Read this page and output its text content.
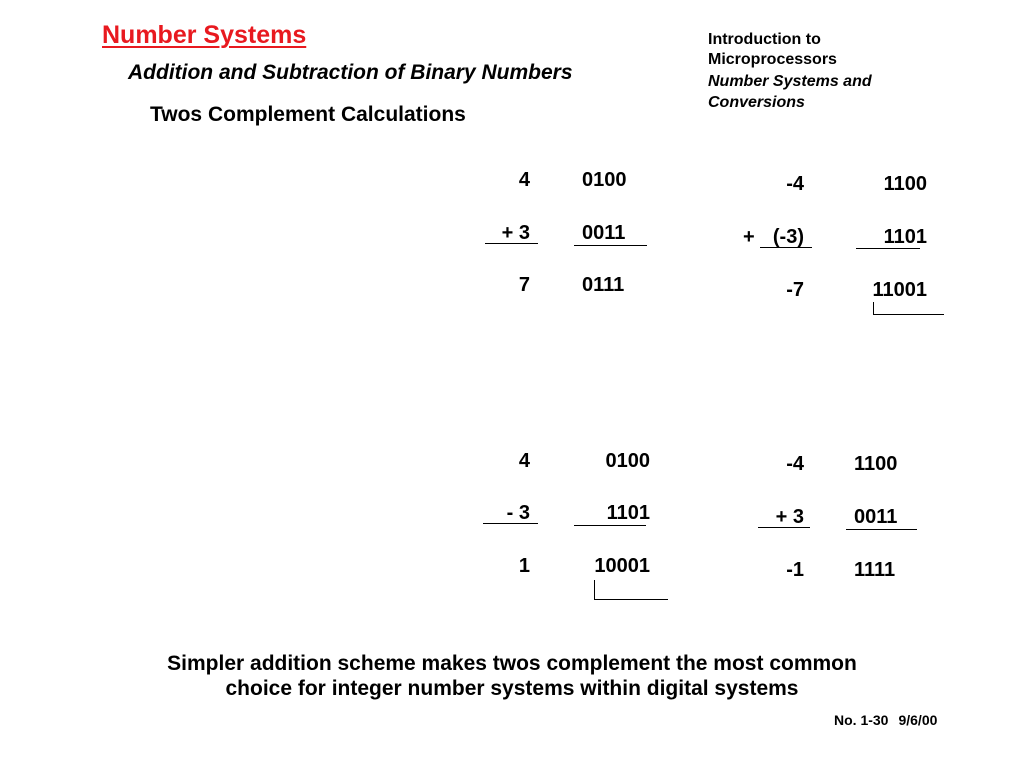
Number Systems
Addition and Subtraction of Binary Numbers
Twos Complement Calculations
Introduction to
Microprocessors
Number Systems and
Conversions
4	0100
+ 3	0011
7	0111
-4	1100
+ (-3)	1101
-7	11001
4	0100
- 3	1101
1	10001
-4	1100
+ 3	0011
-1	1111
Simpler addition scheme makes twos complement the most common
choice for integer number systems within digital systems
No. 1-30 9/6/00
